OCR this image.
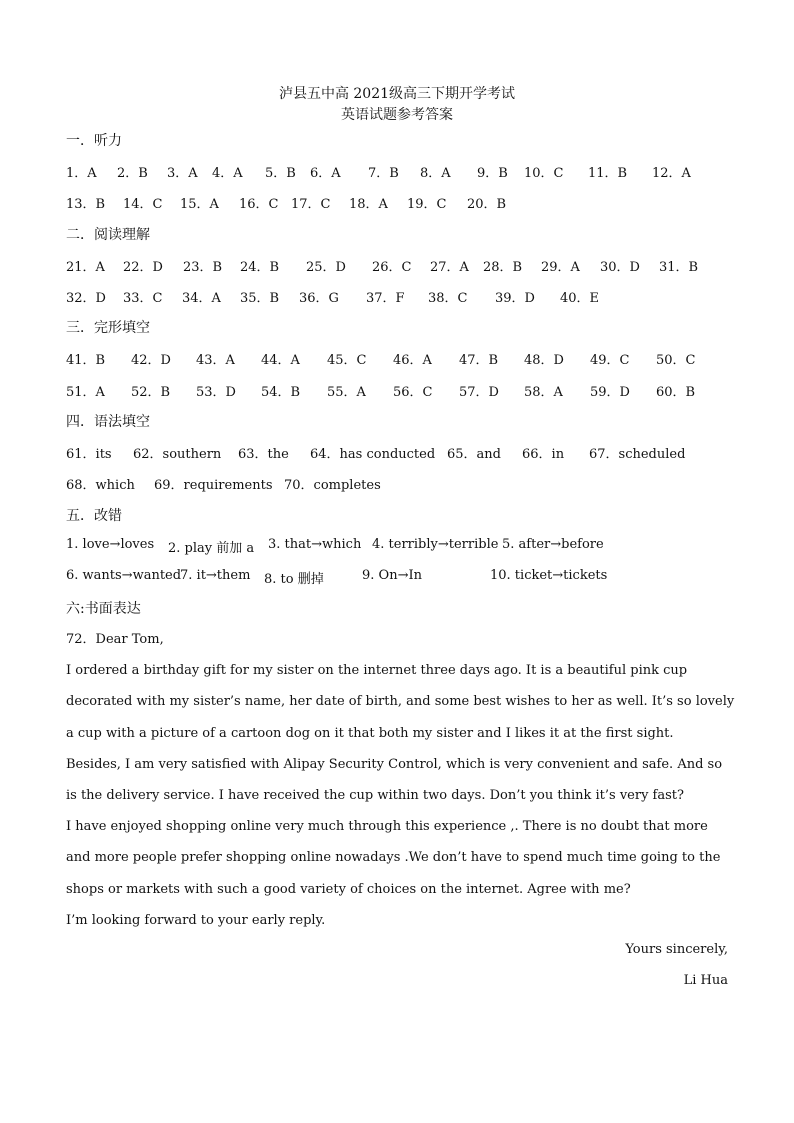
泸县五中高 2021级高三下期开学考试
英语试题参考答案
一．听力
1．A 2．B 3．A 4．A 5．B 6．A 7．B 8．A 9．B 10．C 11．B 12．A
13．B 14．C 15．A 16．C 17．C 18．A 19．C 20．B
二．阅读理解
21．A 22．D 23．B 24．B 25．D 26．C 27．A 28．B 29．A 30．D 31．B
32．D 33．C 34．A 35．B 36．G 37．F 38．C 39．D 40．E
三．完形填空
41．B 42．D 43．A 44．A 45．C 46．A 47．B 48．D 49．C 50．C
51．A 52．B 53．D 54．B 55．A 56．C 57．D 58．A 59．D 60．B
四．语法填空
61．its 62．southern 63．the 64．has conducted 65．and 66．in 67．scheduled
68．which 69．requirements 70．completes
五．改错
1. love→loves 2. play 前加 a 3. that→which 4. terribly→terrible 5. after→before
6. wants→wanted
7. it→them 8. to 删掉	9. On→In	10. ticket→tickets
六:书面表达

72．Dear Tom,

I ordered a birthday gift for my sister on the internet three days ago. It is a beautiful pink cup decorated with my sister’s name, her date of birth, and some best wishes to her as well. It’s so lovely a cup with a picture of a cartoon dog on it that both my sister and I likes it at the first sight.

Besides, I am very satisfied with Alipay Security Control, which is very convenient and safe. And so is the delivery service. I have received the cup within two days. Don’t you think it’s very fast?

I have enjoyed shopping online very much through this experience ,. There is no doubt that more and more people prefer shopping online nowadays .We don’t have to spend much time going to the shops or markets with such a good variety of choices on the internet. Agree with me?

I’m looking forward to your early reply.

Yours sincerely,
Li Hua
